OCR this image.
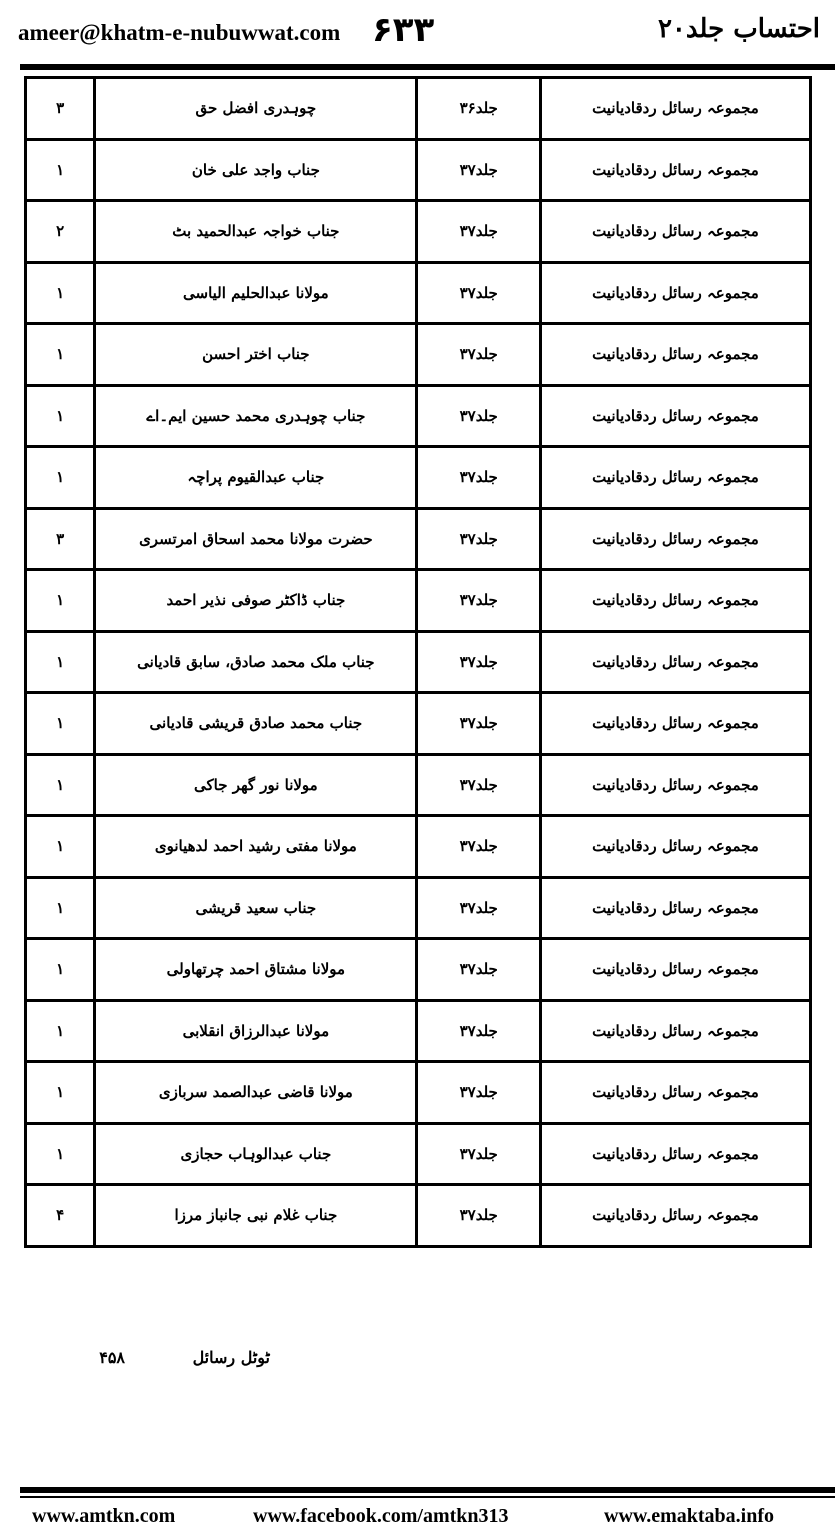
ameer@khatm-e-nubuwwat.com ۶۳۳	احتساب جلد۲۰
۳	چوہدری افضل حق	جلد۳۶	مجموعہ رسائل ردقادیانیت
۱	جناب واجد علی خان	جلد۳۷	مجموعہ رسائل ردقادیانیت
۲	جناب خواجہ عبدالحمید بٹ	جلد۳۷	مجموعہ رسائل ردقادیانیت
۱	مولانا عبدالحلیم الیاسی	جلد۳۷	مجموعہ رسائل ردقادیانیت
۱	جناب اختر احسن	جلد۳۷	مجموعہ رسائل ردقادیانیت
۱	جناب چوہدری محمد حسین ایم۔اے	جلد۳۷	مجموعہ رسائل ردقادیانیت
۱	جناب عبدالقیوم پراچہ	جلد۳۷	مجموعہ رسائل ردقادیانیت
۳	حضرت مولانا محمد اسحاق امرتسری	جلد۳۷	مجموعہ رسائل ردقادیانیت
۱	جناب ڈاکٹر صوفی نذیر احمد	جلد۳۷	مجموعہ رسائل ردقادیانیت
۱	جناب ملک محمد صادق، سابق قادیانی	جلد۳۷	مجموعہ رسائل ردقادیانیت
۱	جناب محمد صادق قریشی قادیانی	جلد۳۷	مجموعہ رسائل ردقادیانیت
۱	مولانا نور گھر جاکی	جلد۳۷	مجموعہ رسائل ردقادیانیت
۱	مولانا مفتی رشید احمد لدھیانوی	جلد۳۷	مجموعہ رسائل ردقادیانیت
۱	جناب سعید قریشی	جلد۳۷	مجموعہ رسائل ردقادیانیت
۱	مولانا مشتاق احمد چرتھاولی	جلد۳۷	مجموعہ رسائل ردقادیانیت
۱	مولانا عبدالرزاق انقلابی	جلد۳۷	مجموعہ رسائل ردقادیانیت
۱	مولانا قاضی عبدالصمد سربازی	جلد۳۷	مجموعہ رسائل ردقادیانیت
۱	جناب عبدالوہاب حجازی	جلد۳۷	مجموعہ رسائل ردقادیانیت
۴	جناب غلام نبی جانباز مرزا	جلد۳۷	مجموعہ رسائل ردقادیانیت
۴۵۸	ٹوٹل رسائل
www.amtkn.com	www.facebook.com/amtkn313	www.emaktaba.info
